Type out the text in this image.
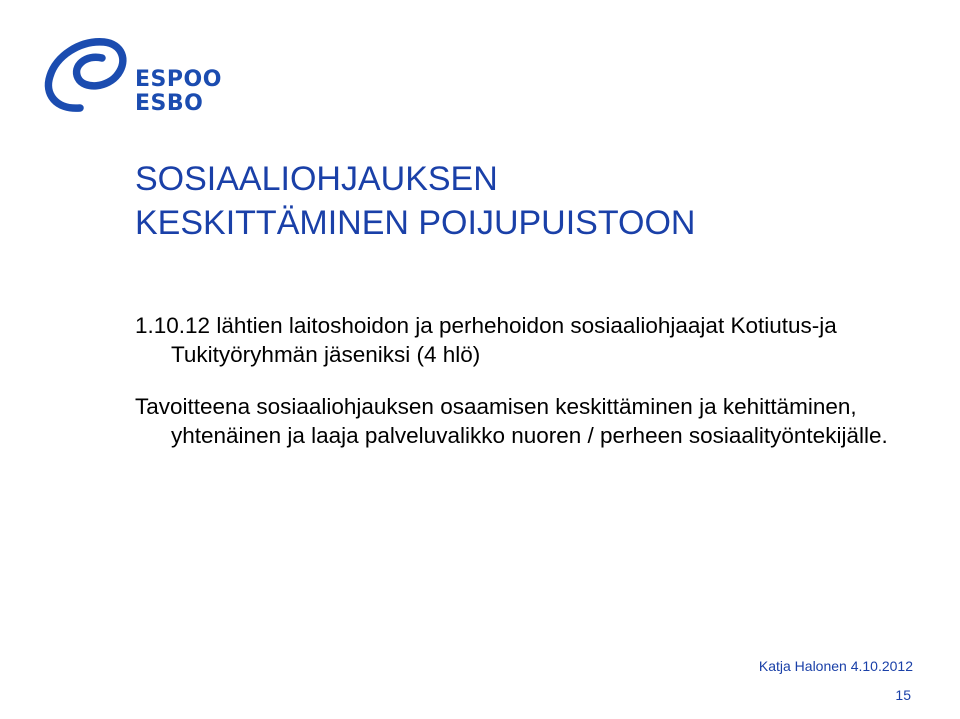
ESPOO
ESBO
SOSIAALIOHJAUKSEN
KESKITTÄMINEN POIJUPUISTOON

1.10.12 lähtien laitoshoidon ja perhehoidon sosiaaliohjaajat Kotiutus-ja Tukityöryhmän jäseniksi (4 hlö)

Tavoitteena sosiaaliohjauksen osaamisen keskittäminen ja kehittäminen, yhtenäinen ja laaja palveluvalikko nuoren / perheen sosiaalityöntekijälle.

Katja Halonen 4.10.2012
15
